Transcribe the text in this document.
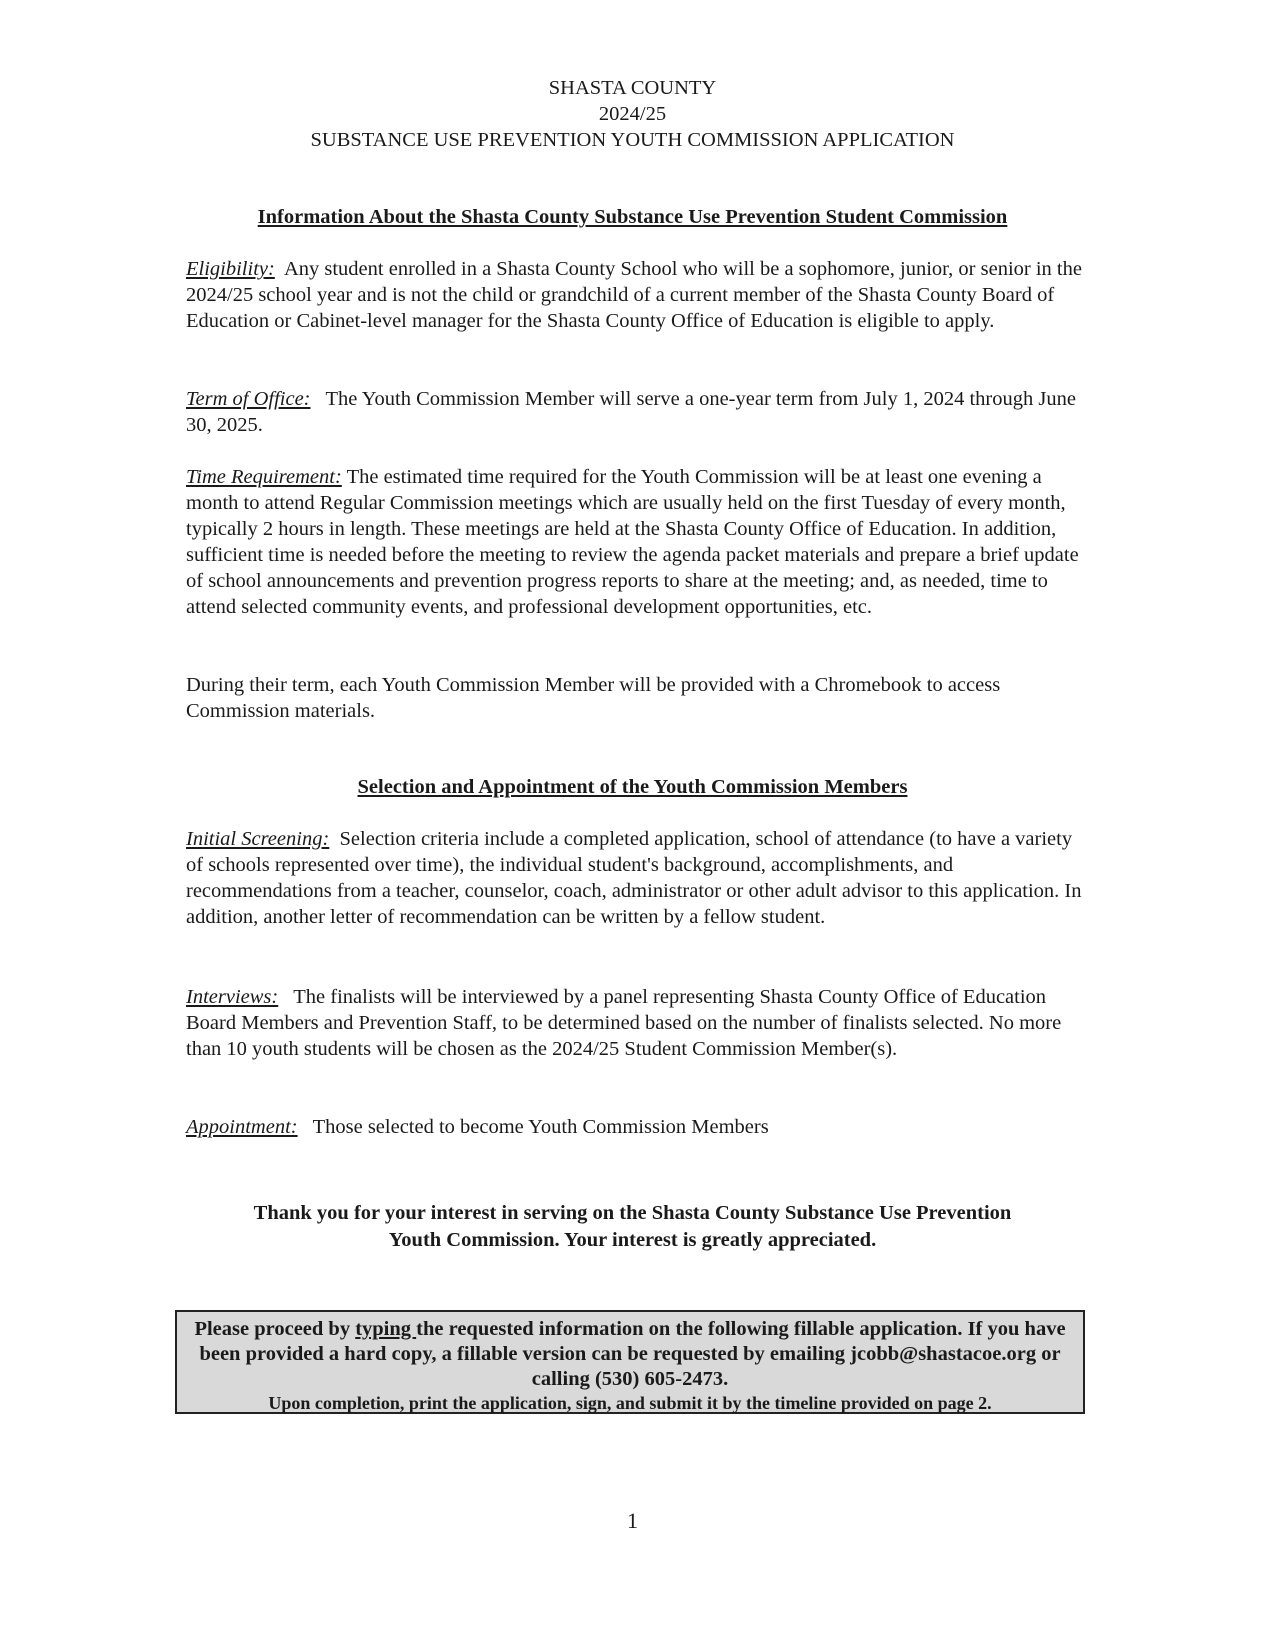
SHASTA COUNTY
2024/25
SUBSTANCE USE PREVENTION YOUTH COMMISSION APPLICATION
Information About the Shasta County Substance Use Prevention Student Commission
Eligibility: Any student enrolled in a Shasta County School who will be a sophomore, junior, or senior in the 2024/25 school year and is not the child or grandchild of a current member of the Shasta County Board of Education or Cabinet-level manager for the Shasta County Office of Education is eligible to apply.
Term of Office: The Youth Commission Member will serve a one-year term from July 1, 2024 through June 30, 2025.
Time Requirement: The estimated time required for the Youth Commission will be at least one evening a month to attend Regular Commission meetings which are usually held on the first Tuesday of every month, typically 2 hours in length. These meetings are held at the Shasta County Office of Education. In addition, sufficient time is needed before the meeting to review the agenda packet materials and prepare a brief update of school announcements and prevention progress reports to share at the meeting; and, as needed, time to attend selected community events, and professional development opportunities, etc.
During their term, each Youth Commission Member will be provided with a Chromebook to access Commission materials.
Selection and Appointment of the Youth Commission Members
Initial Screening: Selection criteria include a completed application, school of attendance (to have a variety of schools represented over time), the individual student's background, accomplishments, and recommendations from a teacher, counselor, coach, administrator or other adult advisor to this application. In addition, another letter of recommendation can be written by a fellow student.
Interviews: The finalists will be interviewed by a panel representing Shasta County Office of Education Board Members and Prevention Staff, to be determined based on the number of finalists selected. No more than 10 youth students will be chosen as the 2024/25 Student Commission Member(s).
Appointment: Those selected to become Youth Commission Members
Thank you for your interest in serving on the Shasta County Substance Use Prevention
Youth Commission. Your interest is greatly appreciated.
Please proceed by typing the requested information on the following fillable application. If you have been provided a hard copy, a fillable version can be requested by emailing jcobb@shastacoe.org or calling (530) 605-2473.
Upon completion, print the application, sign, and submit it by the timeline provided on page 2.
1
